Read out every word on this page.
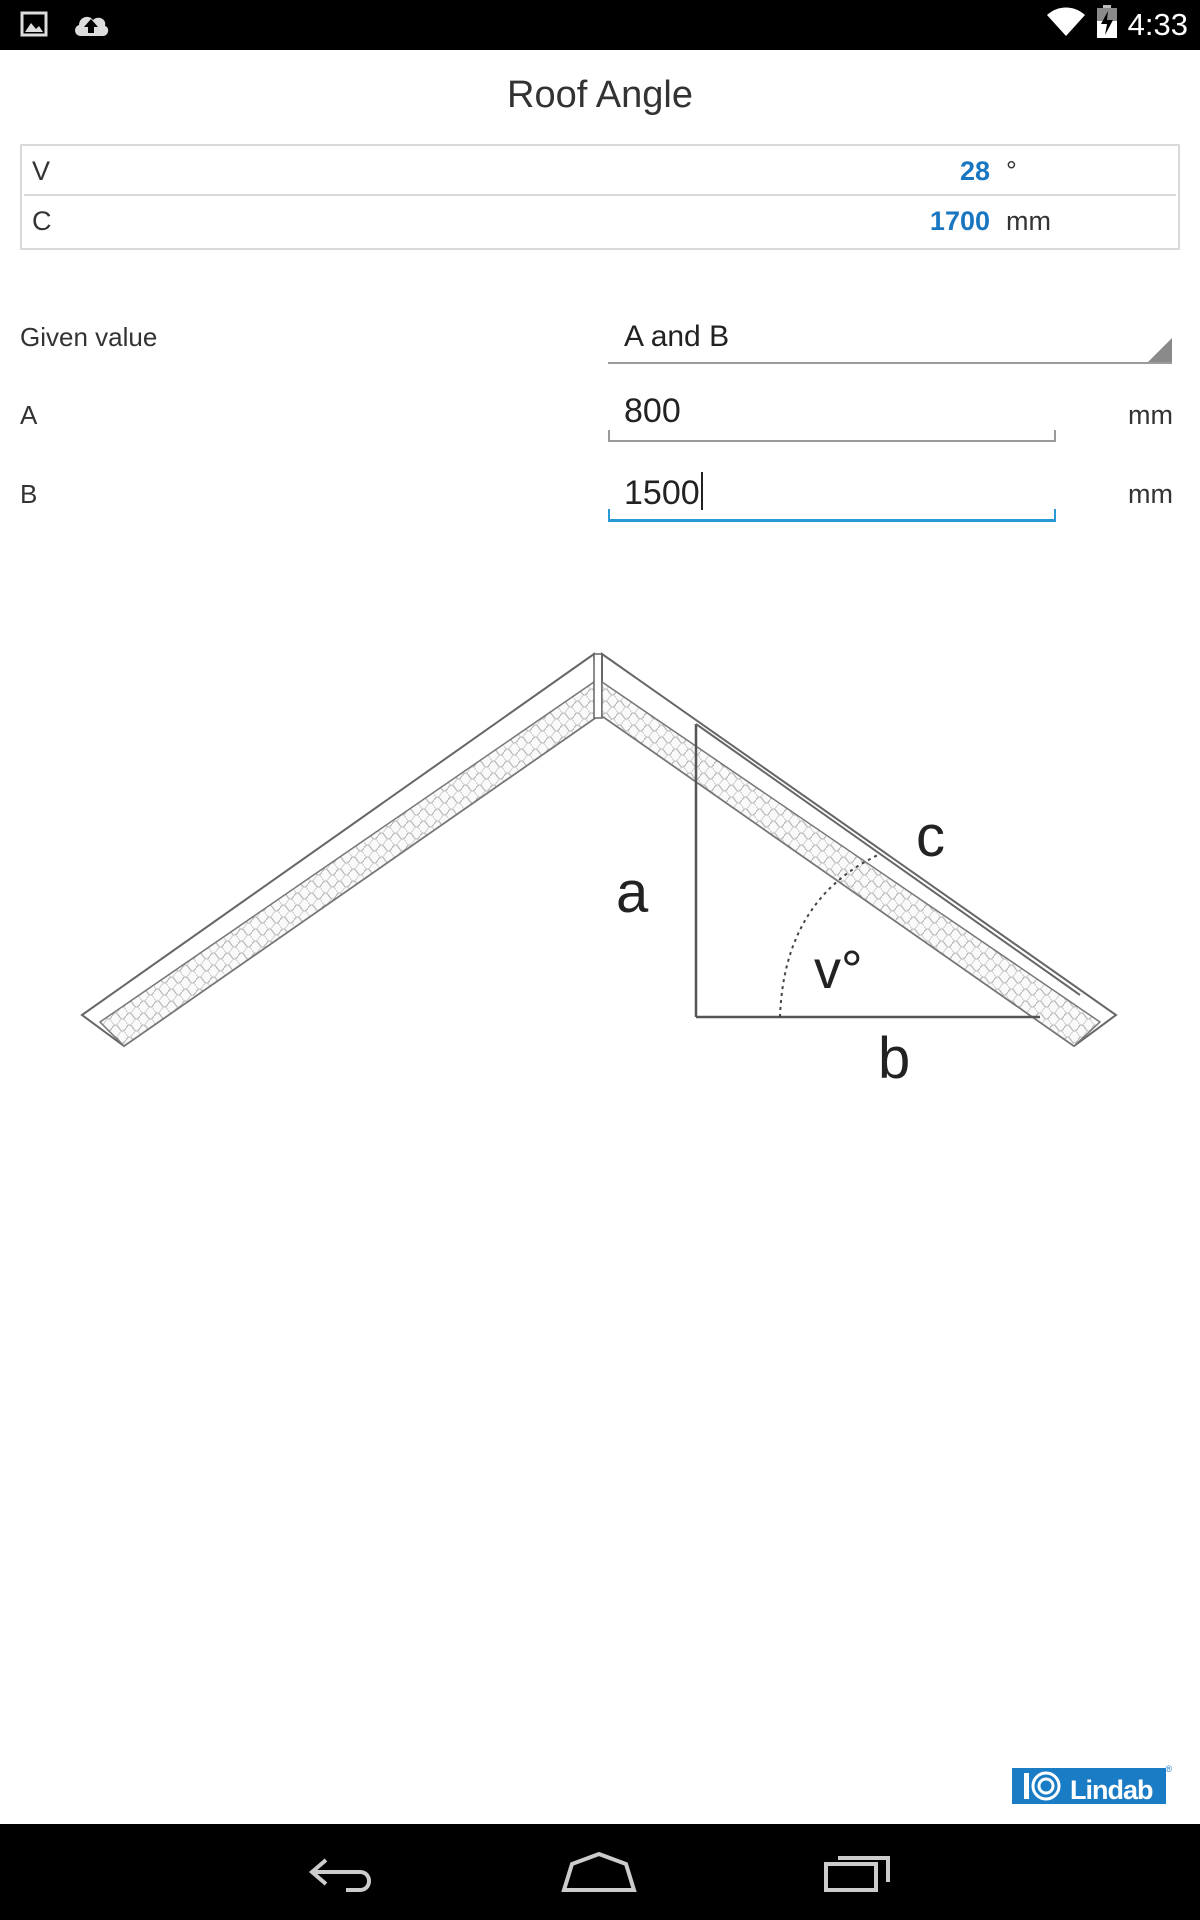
4:33
Roof Angle
V	28 °
C	1700 mm
Given value	A and B
A	800	mm
B	1500	mm
a
c
b
v°
Lindab
®
